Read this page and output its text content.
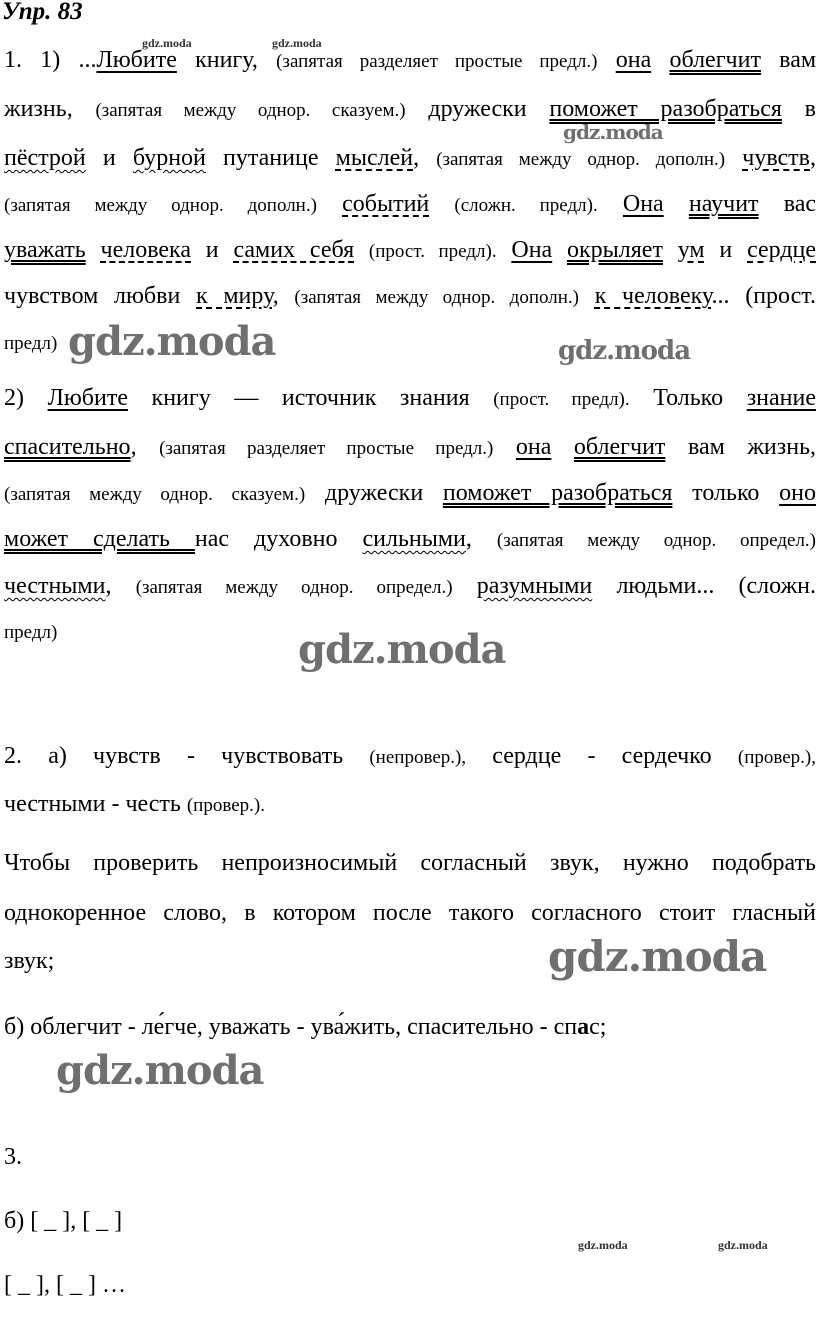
Упр. 83
1. 1) ...Любите книгу, (запятая разделяет простые предл.) она облегчит вам
жизнь, (запятая между однор. сказуем.) дружески поможет разобраться в
пёстрой и бурной путанице мыслей, (запятая между однор. дополн.) чувств,
(запятая между однор. дополн.) событий (сложн. предл). Она научит вас
уважать человека и самих себя (прост. предл). Она окрыляет ум и сердце
чувством любви к миру, (запятая между однор. дополн.) к человеку... (прост.
предл)
2) Любите книгу — источник знания (прост. предл). Только знание
спасительно, (запятая разделяет простые предл.) она облегчит вам жизнь,
(запятая между однор. сказуем.) дружески поможет разобраться только оно
может сделать нас духовно сильными, (запятая между однор. определ.)
честными, (запятая между однор. определ.) разумными людьми... (сложн.
предл)
2. а) чувств - чувствовать (непровер.), сердце - сердечко (провер.),
честными - честь (провер.).
Чтобы проверить непроизносимый согласный звук, нужно подобрать
однокоренное слово, в котором после такого согласного стоит гласный
звук;
б) облегчит - ле́гче, уважать - ува́жить, спасительно - спас;
3.
б) [ _ ], [ _ ]
[ _ ], [ _ ] …
gdz.moda	gdz.moda
gdz.moda
gdz.moda	gdz.moda
gdz.moda
gdz.moda
gdz.moda
gdz.moda	gdz.moda
